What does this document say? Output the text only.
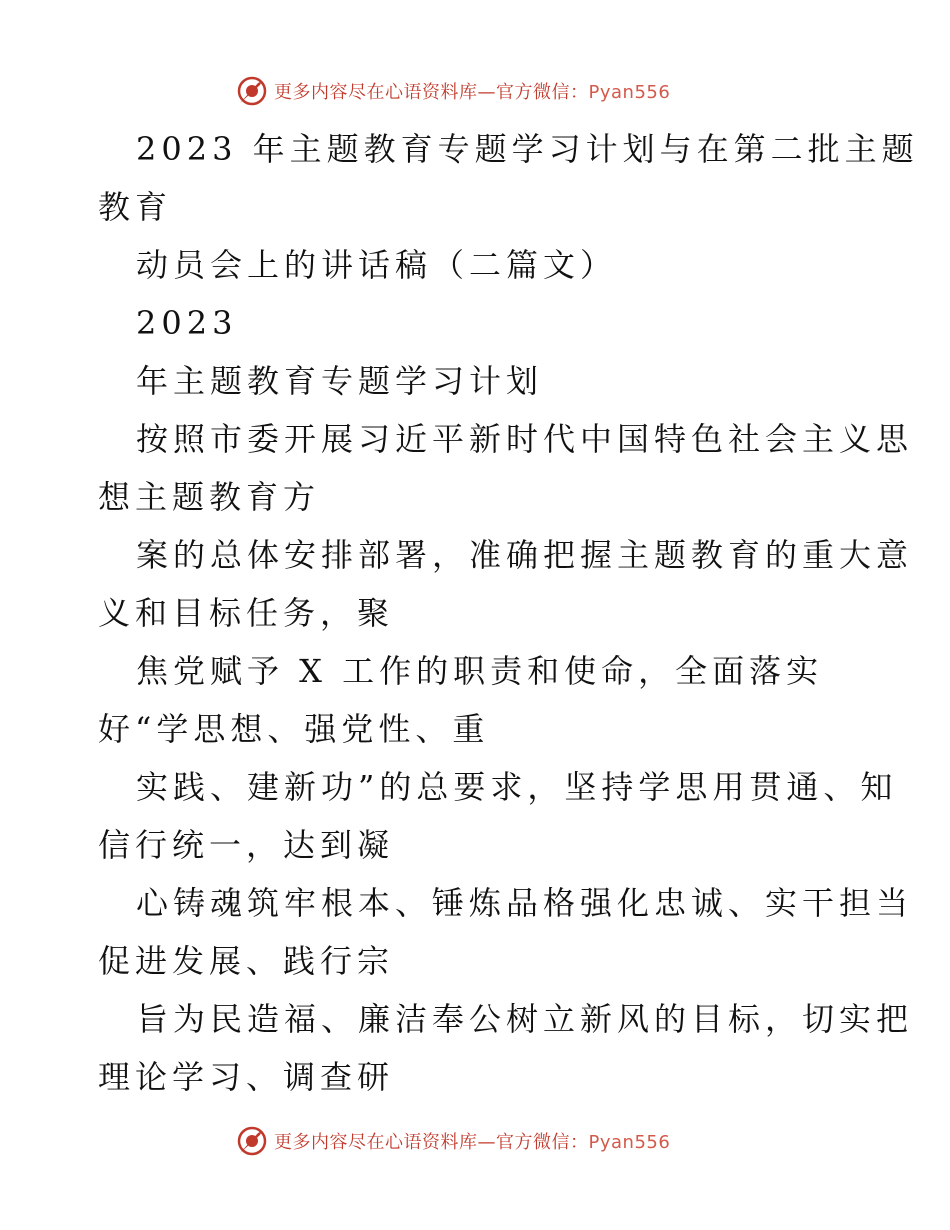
更多内容尽在心语资料库—官方微信：Pyan556
2023 年主题教育专题学习计划与在第二批主题
教育
动员会上的讲话稿（二篇文）
2023
年主题教育专题学习计划
按照市委开展习近平新时代中国特色社会主义思
想主题教育方
案的总体安排部署，准确把握主题教育的重大意
义和目标任务，聚
焦党赋予 X 工作的职责和使命，全面落实
好“学思想、强党性、重
实践、建新功”的总要求，坚持学思用贯通、知
信行统一，达到凝
心铸魂筑牢根本、锤炼品格强化忠诚、实干担当
促进发展、践行宗
旨为民造福、廉洁奉公树立新风的目标，切实把
理论学习、调查研
更多内容尽在心语资料库—官方微信：Pyan556
